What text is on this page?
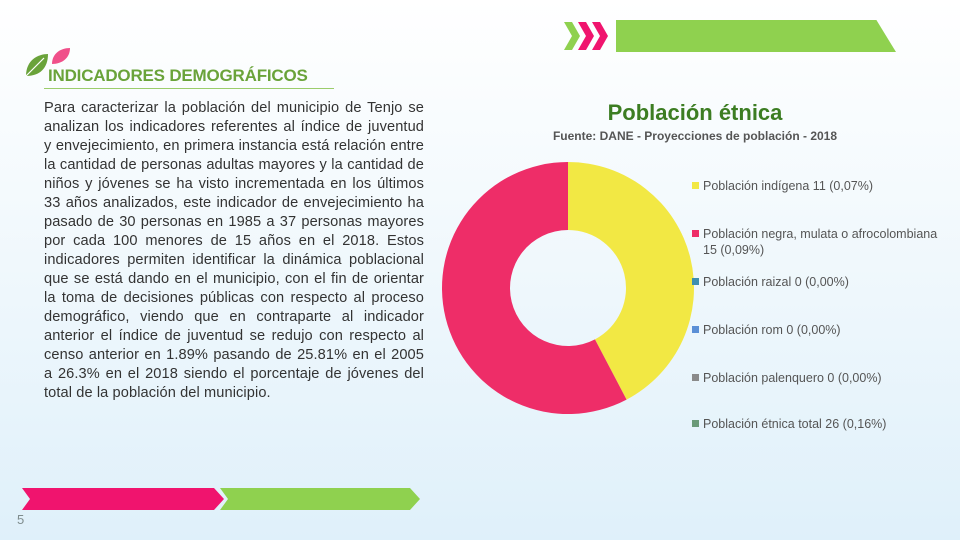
INDICADORES DEMOGRÁFICOS
Para caracterizar la población del municipio de Tenjo se analizan los indicadores referentes al índice de juventud y envejecimiento, en primera instancia está relación entre la cantidad de personas adultas mayores y la cantidad de niños y jóvenes se ha visto incrementada en los últimos 33 años analizados, este indicador de envejecimiento ha pasado de 30 personas en 1985 a 37 personas mayores por cada 100 menores de 15 años en el 2018. Estos indicadores permiten identificar la dinámica poblacional que se está dando en el municipio, con el fin de orientar la toma de decisiones públicas con respecto al proceso demográfico, viendo que en contraparte al indicador anterior el índice de juventud se redujo con respecto al censo anterior en 1.89% pasando de 25.81% en el 2005 a 26.3% en el 2018 siendo el porcentaje de jóvenes del total de la población del municipio.
5
Población étnica
Fuente: DANE - Proyecciones de población - 2018
Población indígena 11 (0,07%)
Población negra, mulata o afrocolombiana 15 (0,09%)
Población raizal 0 (0,00%)
Población rom 0 (0,00%)
Población palenquero 0 (0,00%)
Población étnica total 26 (0,16%)
